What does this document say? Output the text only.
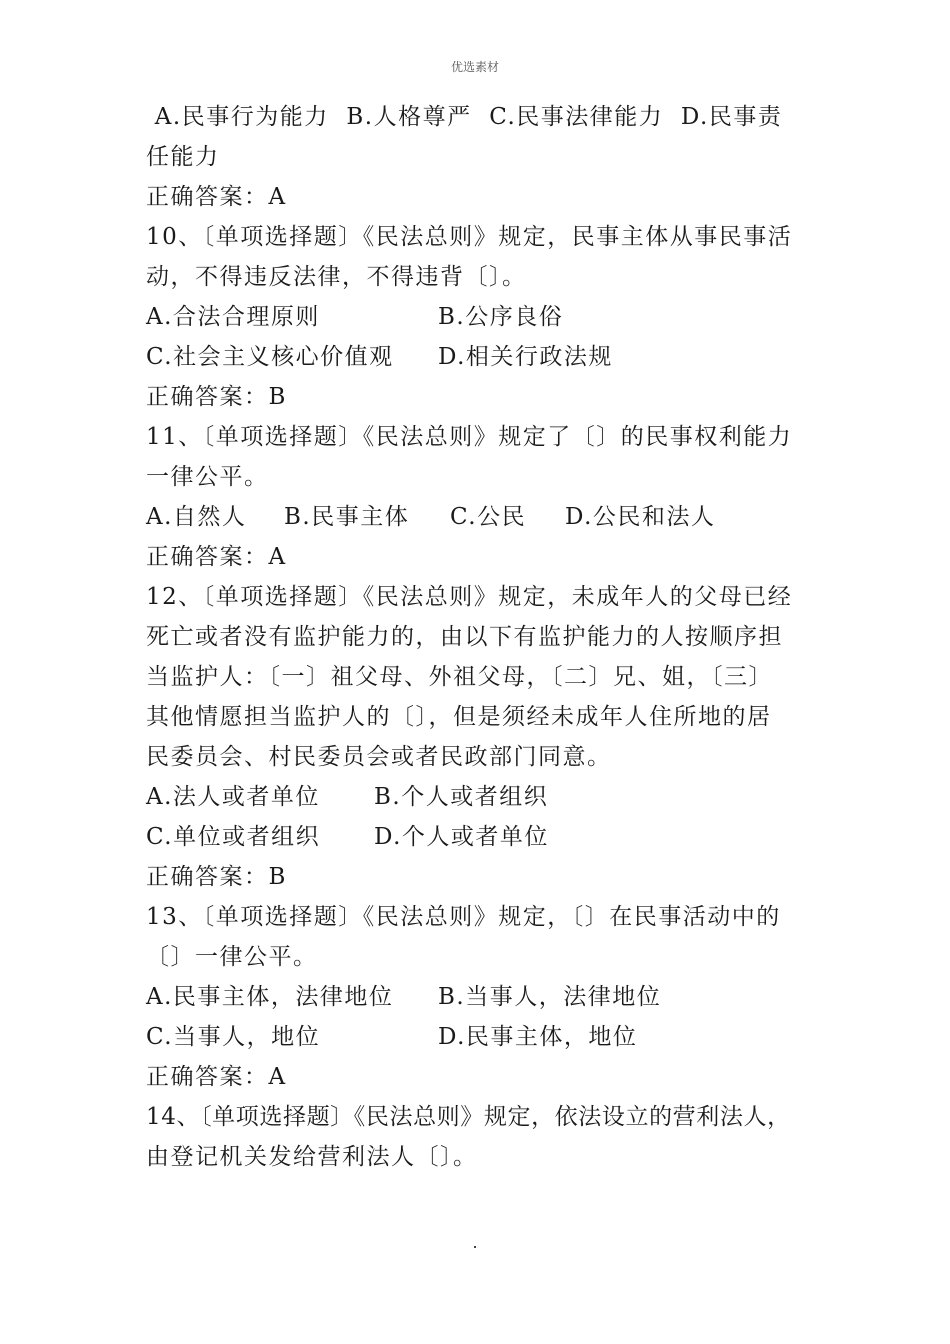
优选素材
A.民事行为能力  B.人格尊严  C.民事法律能力  D.民事责
任能力
正确答案：A
10、〔单项选择题〕《民法总则》规定，民事主体从事民事活
动，不得违反法律，不得违背〔〕。
A.合法合理原则	B.公序良俗
C.社会主义核心价值观	D.相关行政法规
正确答案：B
11、〔单项选择题〕《民法总则》规定了〔〕的民事权利能力
一律公平。
A.自然人	B.民事主体	C.公民	D.公民和法人
正确答案：A
12、〔单项选择题〕《民法总则》规定，未成年人的父母已经
死亡或者没有监护能力的，由以下有监护能力的人按顺序担
当监护人：〔一〕祖父母、外祖父母，〔二〕兄、姐，〔三〕
其他情愿担当监护人的〔〕，但是须经未成年人住所地的居
民委员会、村民委员会或者民政部门同意。
A.法人或者单位	B.个人或者组织
C.单位或者组织	D.个人或者单位
正确答案：B
13、〔单项选择题〕《民法总则》规定，〔〕在民事活动中的
〔〕一律公平。
A.民事主体，法律地位	B.当事人，法律地位
C.当事人，地位	D.民事主体，地位
正确答案：A
14、〔单项选择题〕《民法总则》规定，依法设立的营利法人，
由登记机关发给营利法人〔〕。
